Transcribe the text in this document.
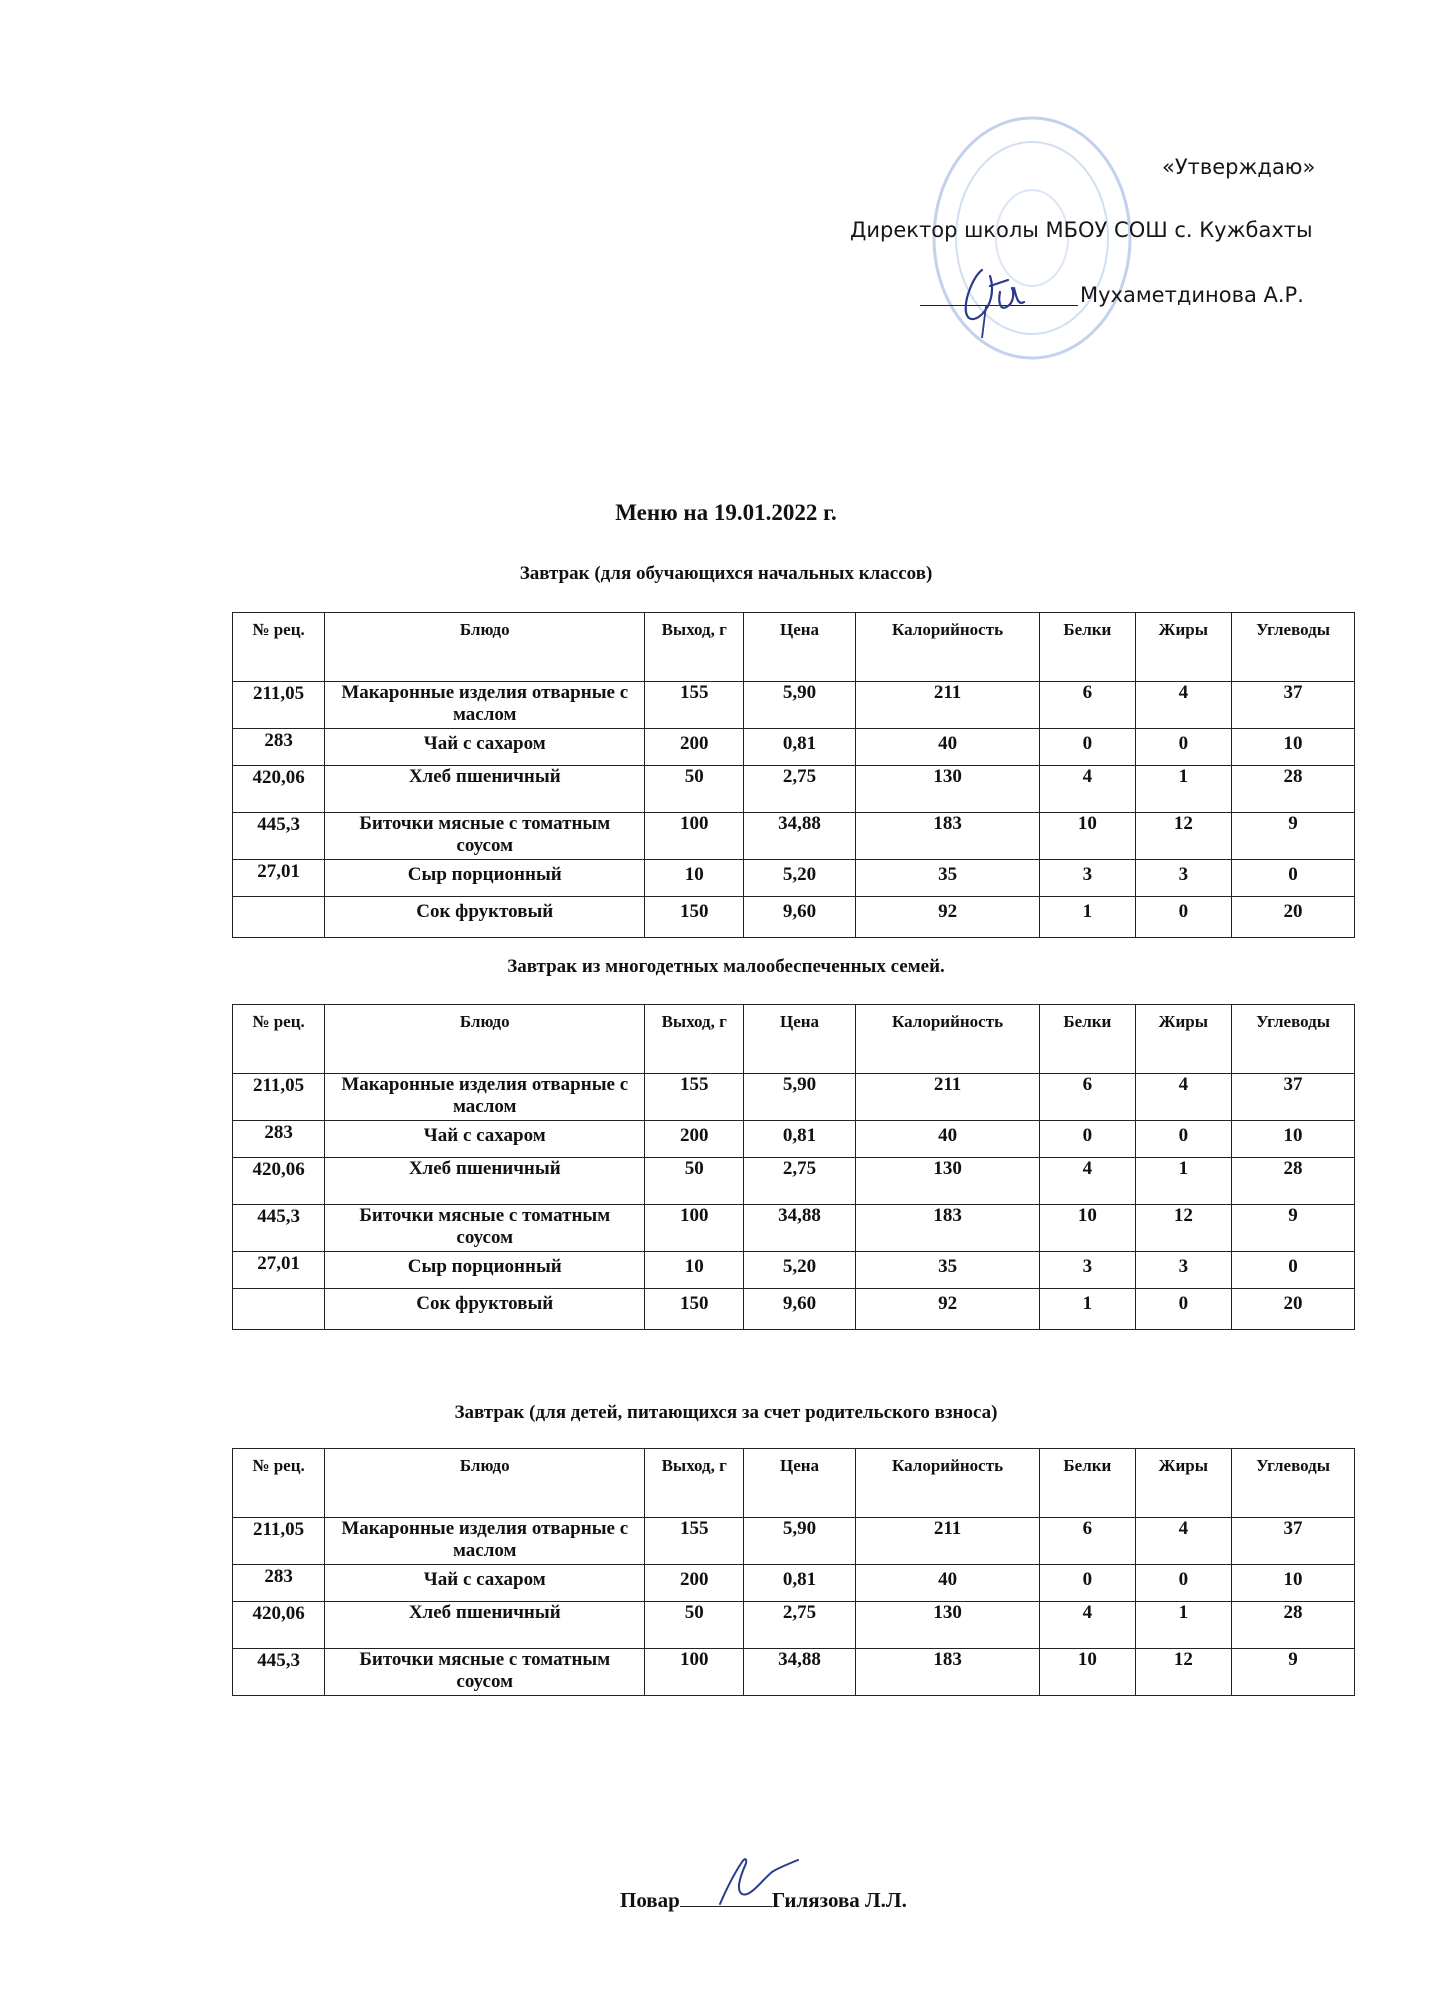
«Утверждаю»
Директор школы МБОУ СОШ с. Кужбахты
Мухаметдинова А.Р.
Меню на 19.01.2022 г.
Завтрак (для обучающихся начальных классов)
№ рец.	Блюдо	Выход, г	Цена	Калорийность	Белки	Жиры	Углеводы
211,05	Макаронные изделия отварные с маслом	155	5,90	211	6	4	37
283	Чай с сахаром	200	0,81	40	0	0	10
420,06	Хлеб пшеничный	50	2,75	130	4	1	28
445,3	Биточки мясные с томатным соусом	100	34,88	183	10	12	9
27,01	Сыр порционный	10	5,20	35	3	3	0
	Сок фруктовый	150	9,60	92	1	0	20
Завтрак из многодетных малообеспеченных семей.
№ рец.	Блюдо	Выход, г	Цена	Калорийность	Белки	Жиры	Углеводы
211,05	Макаронные изделия отварные с маслом	155	5,90	211	6	4	37
283	Чай с сахаром	200	0,81	40	0	0	10
420,06	Хлеб пшеничный	50	2,75	130	4	1	28
445,3	Биточки мясные с томатным соусом	100	34,88	183	10	12	9
27,01	Сыр порционный	10	5,20	35	3	3	0
	Сок фруктовый	150	9,60	92	1	0	20
Завтрак (для детей, питающихся за счет родительского взноса)
№ рец.	Блюдо	Выход, г	Цена	Калорийность	Белки	Жиры	Углеводы
211,05	Макаронные изделия отварные с маслом	155	5,90	211	6	4	37
283	Чай с сахаром	200	0,81	40	0	0	10
420,06	Хлеб пшеничный	50	2,75	130	4	1	28
445,3	Биточки мясные с томатным соусом	100	34,88	183	10	12	9
Повар	Гилязова Л.Л.
